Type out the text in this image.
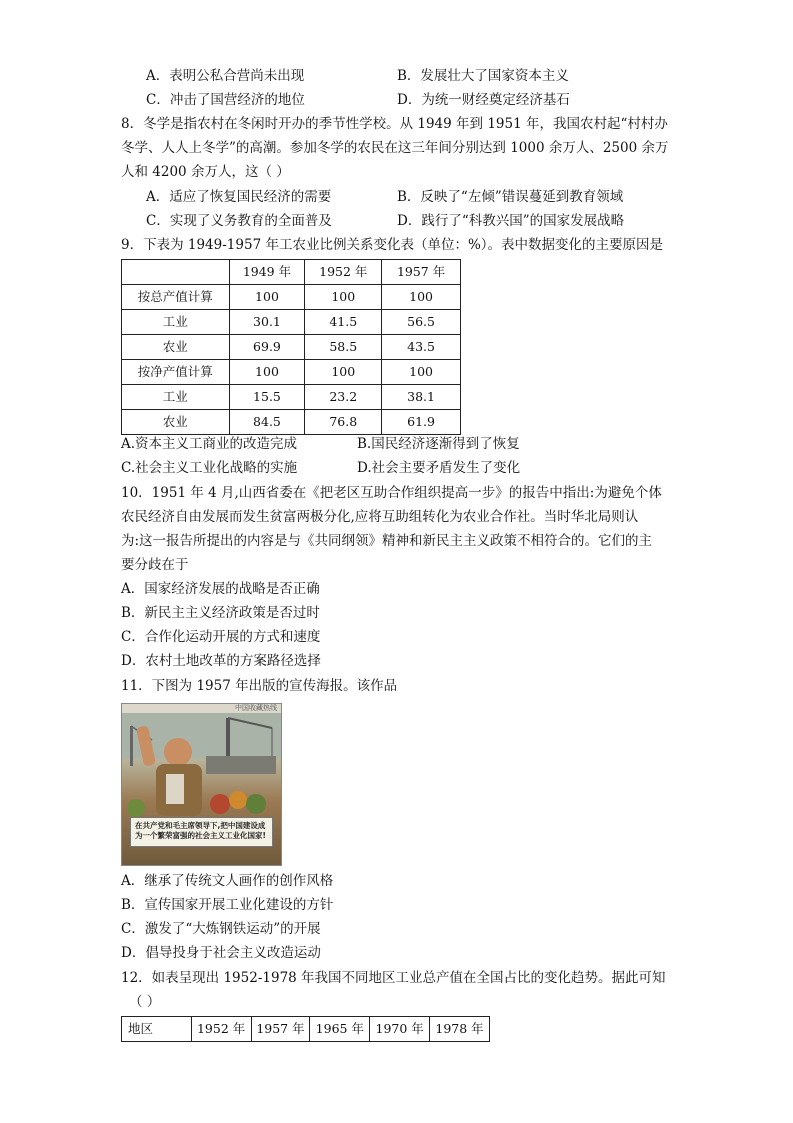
A．表明公私合营尚未出现	B．发展壮大了国家资本主义
C．冲击了国营经济的地位	D．为统一财经奠定经济基石
8．冬学是指农村在冬闲时开办的季节性学校。从 1949 年到 1951 年，我国农村起“村村办
冬学、人人上冬学”的高潮。参加冬学的农民在这三年间分别达到 1000 余万人、2500 余万
人和 4200 余万人，这（ ）
A．适应了恢复国民经济的需要	B．反映了“左倾”错误蔓延到教育领域
C．实现了义务教育的全面普及	D．践行了“科教兴国”的国家发展战略
9．下表为 1949-1957 年工农业比例关系变化表（单位：%）。表中数据变化的主要原因是
	1949 年	1952 年	1957 年
按总产值计算	100	100	100
工业	30.1	41.5	56.5
农业	69.9	58.5	43.5
按净产值计算	100	100	100
工业	15.5	23.2	38.1
农业	84.5	76.8	61.9
A.资本主义工商业的改造完成	B.国民经济逐渐得到了恢复
C.社会主义工业化战略的实施	D.社会主要矛盾发生了变化
10．1951 年 4 月,山西省委在《把老区互助合作组织提高一步》的报告中指出:为避免个体
农民经济自由发展而发生贫富两极分化,应将互助组转化为农业合作社。当时华北局则认
为:这一报告所提出的内容是与《共同纲领》精神和新民主主义政策不相符合的。它们的主
要分歧在于
A．国家经济发展的战略是否正确
B．新民主主义经济政策是否过时
C．合作化运动开展的方式和速度
D．农村土地改革的方案路径选择
11．下图为 1957 年出版的宣传海报。该作品
中国收藏热线
在共产党和毛主席领导下,把中国建设成为一个繁荣富强的社会主义工业化国家!
A．继承了传统文人画作的创作风格
B．宣传国家开展工业化建设的方针
C．激发了“大炼钢铁运动”的开展
D．倡导投身于社会主义改造运动
12．如表呈现出 1952-1978 年我国不同地区工业总产值在全国占比的变化趋势。据此可知
（ ）
地区	1952 年	1957 年	1965 年	1970 年	1978 年
